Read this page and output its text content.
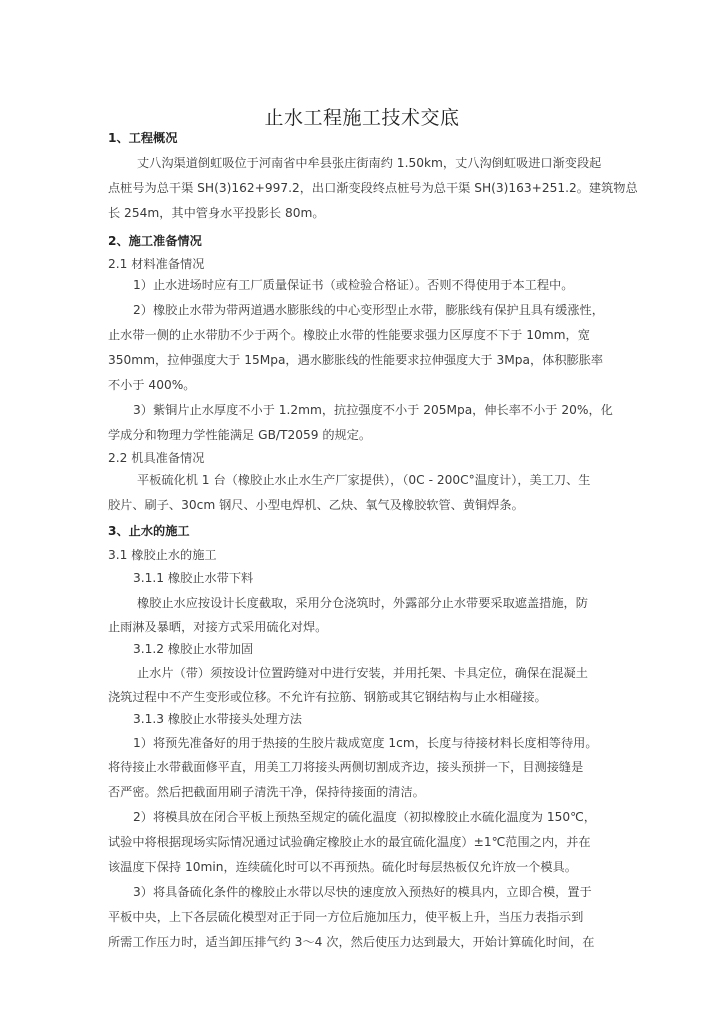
止水工程施工技术交底
1、工程概况
丈八沟渠道倒虹吸位于河南省中牟县张庄街南约 1.50km，丈八沟倒虹吸进口渐变段起
点桩号为总干渠 SH(3)162+997.2，出口渐变段终点桩号为总干渠 SH(3)163+251.2。建筑物总
长 254m，其中管身水平投影长 80m。
2、施工准备情况
2.1 材料准备情况
1）止水进场时应有工厂质量保证书（或检验合格证）。否则不得使用于本工程中。
2）橡胶止水带为带两道遇水膨胀线的中心变形型止水带，膨胀线有保护且具有缓涨性，
止水带一侧的止水带肋不少于两个。橡胶止水带的性能要求强力区厚度不下于 10mm，宽
350mm，拉伸强度大于 15Mpa，遇水膨胀线的性能要求拉伸强度大于 3Mpa，体积膨胀率
不小于 400%。
3）紫铜片止水厚度不小于 1.2mm，抗拉强度不小于 205Mpa，伸长率不小于 20%，化
学成分和物理力学性能满足 GB/T2059 的规定。
2.2 机具准备情况
平板硫化机 1 台（橡胶止水止水生产厂家提供），（0C - 200C°温度计），美工刀、生
胶片、刷子、30cm 钢尺、小型电焊机、乙炔、氧气及橡胶软管、黄铜焊条。
3、止水的施工
3.1 橡胶止水的施工
3.1.1 橡胶止水带下料
橡胶止水应按设计长度截取，采用分仓浇筑时，外露部分止水带要采取遮盖措施，防
止雨淋及暴晒，对接方式采用硫化对焊。
3.1.2 橡胶止水带加固
止水片（带）须按设计位置跨缝对中进行安装，并用托架、卡具定位，确保在混凝土
浇筑过程中不产生变形或位移。不允许有拉筋、钢筋或其它钢结构与止水相碰接。
3.1.3 橡胶止水带接头处理方法
1）将预先准备好的用于热接的生胶片裁成宽度 1cm，长度与待接材料长度相等待用。
将待接止水带截面修平直，用美工刀将接头两侧切割成齐边，接头预拼一下，目测接缝是
否严密。然后把截面用刷子清洗干净，保持待接面的清洁。
2）将模具放在闭合平板上预热至规定的硫化温度（初拟橡胶止水硫化温度为 150℃，
试验中将根据现场实际情况通过试验确定橡胶止水的最宜硫化温度）±1℃范围之内，并在
该温度下保持 10min，连续硫化时可以不再预热。硫化时每层热板仅允许放一个模具。
3）将具备硫化条件的橡胶止水带以尽快的速度放入预热好的模具内，立即合模，置于
平板中央，上下各层硫化模型对正于同一方位后施加压力，使平板上升，当压力表指示到
所需工作压力时，适当卸压排气约 3～4 次，然后使压力达到最大，开始计算硫化时间，在
